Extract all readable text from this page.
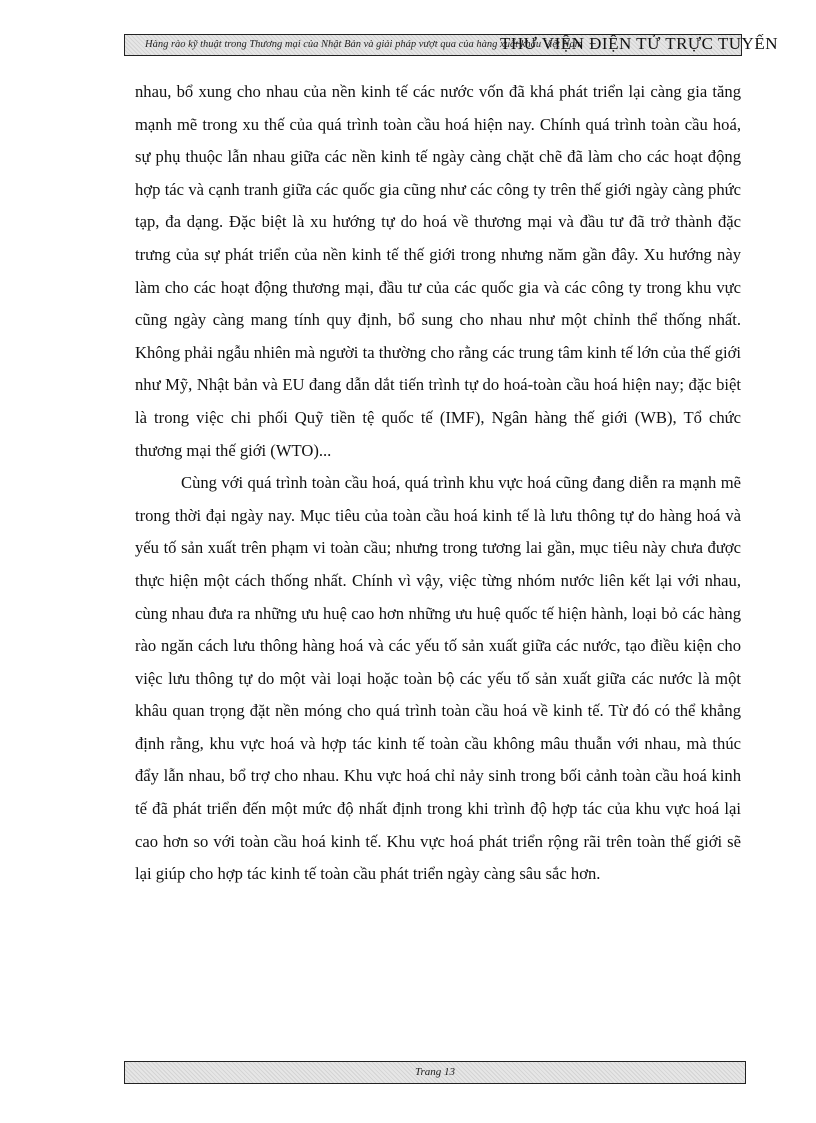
Hàng rào kỹ thuật trong Thương mại của Nhật Bản và giải pháp vượt qua của hàng xuất khẩu Việt Nam
THƯ VIỆN ĐIỆN TỬ TRỰC TUYẾN

nhau, bổ xung cho nhau của nền kinh tế các nước vốn đã khá phát triển lại càng gia tăng mạnh mẽ trong xu thế của quá trình toàn cầu hoá hiện nay. Chính quá trình toàn cầu hoá, sự phụ thuộc lẫn nhau giữa các nền kinh tế ngày càng chặt chẽ đã làm cho các hoạt động hợp tác và cạnh tranh giữa các quốc gia cũng như các công ty trên thế giới ngày càng phức tạp, đa dạng. Đặc biệt là xu hướng tự do hoá về thương mại và đầu tư đã trở thành đặc trưng của sự phát triển của nền kinh tế thế giới trong nhưng năm gần đây. Xu hướng này làm cho các hoạt động thương mại, đầu tư của các quốc gia và các công ty trong khu vực cũng ngày càng mang tính quy định, bổ sung cho nhau như một chỉnh thể thống nhất. Không phải ngẫu nhiên mà người ta thường cho rằng các trung tâm kinh tế lớn của thế giới như Mỹ, Nhật bản và EU đang dẫn dắt tiến trình tự do hoá-toàn cầu hoá hiện nay; đặc biệt là trong việc chi phối Quỹ tiền tệ quốc tế (IMF), Ngân hàng thế giới (WB), Tổ chức thương mại thế giới (WTO)...

Cùng với quá trình toàn cầu hoá, quá trình khu vực hoá cũng đang diễn ra mạnh mẽ trong thời đại ngày nay. Mục tiêu của toàn cầu hoá kinh tế là lưu thông tự do hàng hoá và yếu tố sản xuất trên phạm vi toàn cầu; nhưng trong tương lai gần, mục tiêu này chưa được thực hiện một cách thống nhất. Chính vì vậy, việc từng nhóm nước liên kết lại với nhau, cùng nhau đưa ra những ưu huệ cao hơn những ưu huệ quốc tế hiện hành, loại bỏ các hàng rào ngăn cách lưu thông hàng hoá và các yếu tố sản xuất giữa các nước, tạo điều kiện cho việc lưu thông tự do một vài loại hoặc toàn bộ các yếu tố sản xuất giữa các nước là một khâu quan trọng đặt nền móng cho quá trình toàn cầu hoá về kinh tế. Từ đó có thể khẳng định rằng, khu vực hoá và hợp tác kinh tế toàn cầu không mâu thuẫn với nhau, mà thúc đẩy lẫn nhau, bổ trợ cho nhau. Khu vực hoá chỉ nảy sinh trong bối cảnh toàn cầu hoá kinh tế đã phát triển đến một mức độ nhất định trong khi trình độ hợp tác của khu vực hoá lại cao hơn so với toàn cầu hoá kinh tế. Khu vực hoá phát triển rộng rãi trên toàn thế giới sẽ lại giúp cho hợp tác kinh tế toàn cầu phát triển ngày càng sâu sắc hơn.

Trang 13
